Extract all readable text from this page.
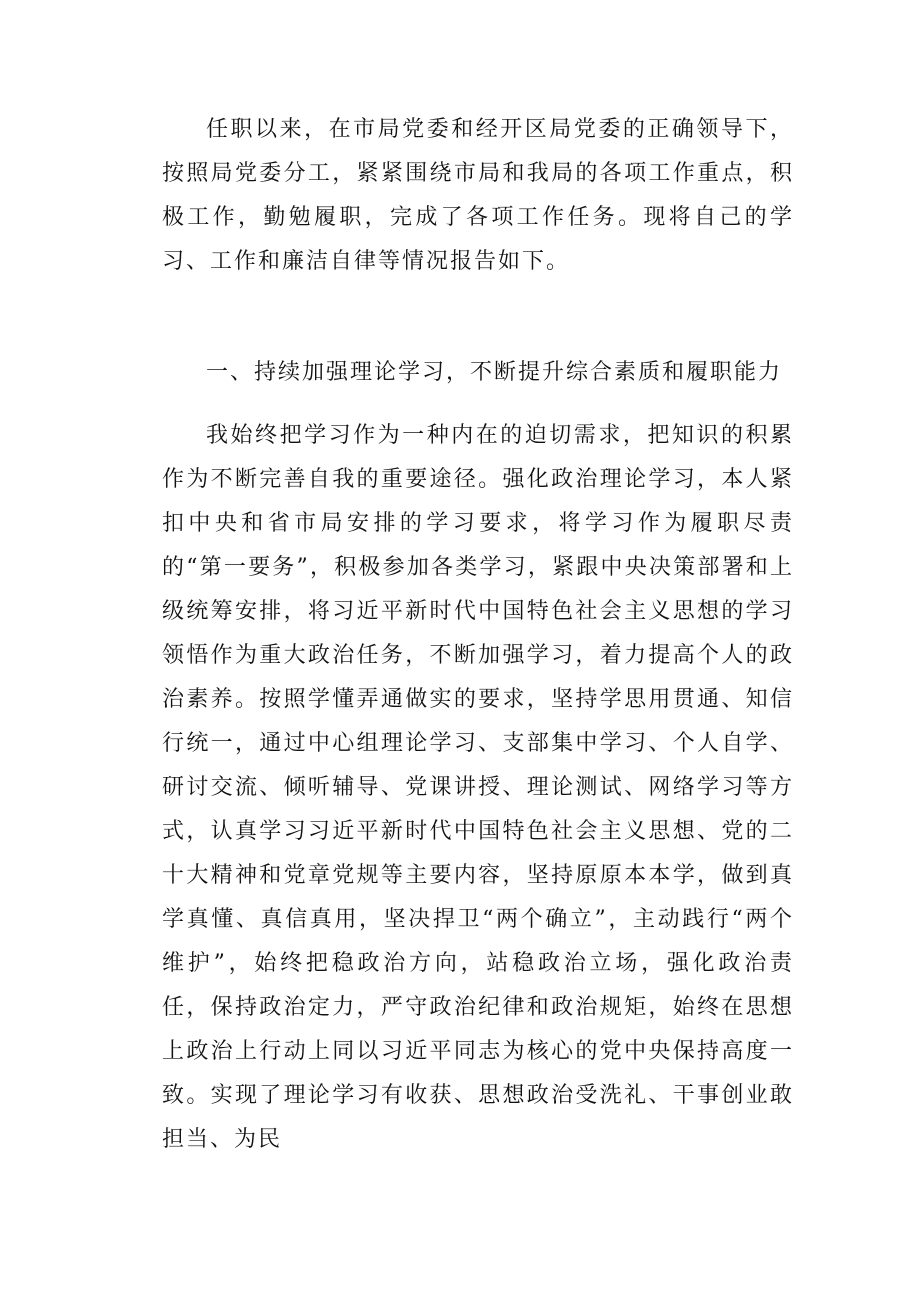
任职以来，在市局党委和经开区局党委的正确领导下，按照局党委分工，紧紧围绕市局和我局的各项工作重点，积极工作，勤勉履职，完成了各项工作任务。现将自己的学习、工作和廉洁自律等情况报告如下。

一、持续加强理论学习，不断提升综合素质和履职能力

我始终把学习作为一种内在的迫切需求，把知识的积累作为不断完善自我的重要途径。强化政治理论学习，本人紧扣中央和省市局安排的学习要求，将学习作为履职尽责的“第一要务”，积极参加各类学习，紧跟中央决策部署和上级统筹安排，将习近平新时代中国特色社会主义思想的学习领悟作为重大政治任务，不断加强学习，着力提高个人的政治素养。按照学懂弄通做实的要求，坚持学思用贯通、知信行统一，通过中心组理论学习、支部集中学习、个人自学、研讨交流、倾听辅导、党课讲授、理论测试、网络学习等方式，认真学习习近平新时代中国特色社会主义思想、党的二十大精神和党章党规等主要内容，坚持原原本本学，做到真学真懂、真信真用，坚决捍卫“两个确立”，主动践行“两个维护”，始终把稳政治方向，站稳政治立场，强化政治责任，保持政治定力，严守政治纪律和政治规矩，始终在思想上政治上行动上同以习近平同志为核心的党中央保持高度一致。实现了理论学习有收获、思想政治受洗礼、干事创业敢担当、为民
